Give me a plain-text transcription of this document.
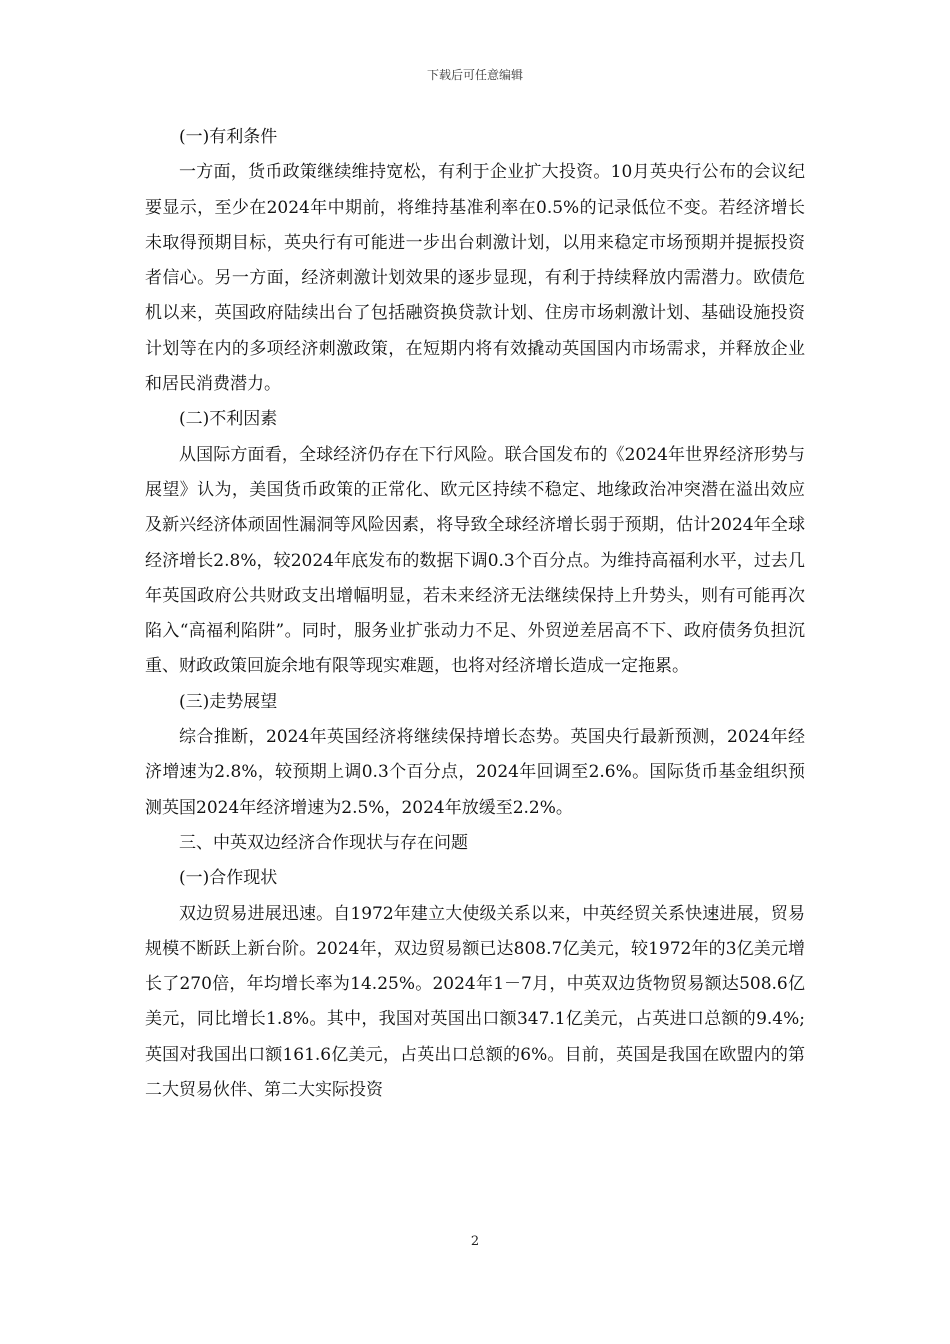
下载后可任意编辑

(一)有利条件

一方面，货币政策继续维持宽松，有利于企业扩大投资。10月英央行公布的会议纪要显示，至少在2024年中期前，将维持基准利率在0.5%的记录低位不变。若经济增长未取得预期目标，英央行有可能进一步出台刺激计划，以用来稳定市场预期并提振投资者信心。另一方面，经济刺激计划效果的逐步显现，有利于持续释放内需潜力。欧债危机以来，英国政府陆续出台了包括融资换贷款计划、住房市场刺激计划、基础设施投资计划等在内的多项经济刺激政策，在短期内将有效撬动英国国内市场需求，并释放企业和居民消费潜力。

(二)不利因素

从国际方面看，全球经济仍存在下行风险。联合国发布的《2024年世界经济形势与展望》认为，美国货币政策的正常化、欧元区持续不稳定、地缘政治冲突潜在溢出效应及新兴经济体顽固性漏洞等风险因素，将导致全球经济增长弱于预期，估计2024年全球经济增长2.8%，较2024年底发布的数据下调0.3个百分点。为维持高福利水平，过去几年英国政府公共财政支出增幅明显，若未来经济无法继续保持上升势头，则有可能再次陷入“高福利陷阱”。同时，服务业扩张动力不足、外贸逆差居高不下、政府债务负担沉重、财政政策回旋余地有限等现实难题，也将对经济增长造成一定拖累。

(三)走势展望

综合推断，2024年英国经济将继续保持增长态势。英国央行最新预测，2024年经济增速为2.8%，较预期上调0.3个百分点，2024年回调至2.6%。国际货币基金组织预测英国2024年经济增速为2.5%，2024年放缓至2.2%。

三、中英双边经济合作现状与存在问题

(一)合作现状

双边贸易进展迅速。自1972年建立大使级关系以来，中英经贸关系快速进展，贸易规模不断跃上新台阶。2024年，双边贸易额已达808.7亿美元，较1972年的3亿美元增长了270倍，年均增长率为14.25%。2024年1－7月，中英双边货物贸易额达508.6亿美元，同比增长1.8%。其中，我国对英国出口额347.1亿美元，占英进口总额的9.4%;英国对我国出口额161.6亿美元，占英出口总额的6%。目前，英国是我国在欧盟内的第二大贸易伙伴、第二大实际投资

2
